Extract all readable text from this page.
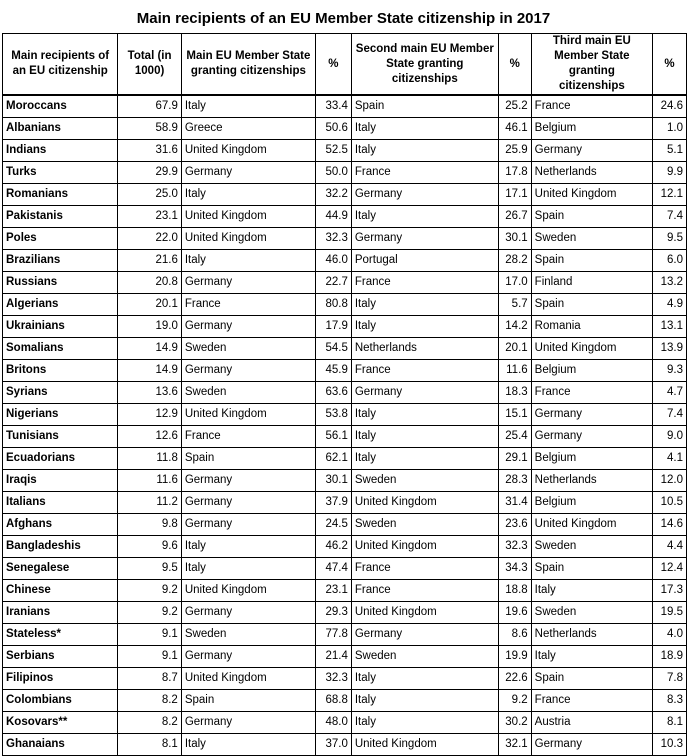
Main recipients of an EU Member State citizenship in 2017
Main recipients of an EU citizenship	Total (in 1000)	Main EU Member State granting citizenships	%	Second main EU Member State granting citizenships	%	Third main EU Member State granting citizenships	%
Moroccans	67.9	Italy	33.4	Spain	25.2	France	24.6
Albanians	58.9	Greece	50.6	Italy	46.1	Belgium	1.0
Indians	31.6	United Kingdom	52.5	Italy	25.9	Germany	5.1
Turks	29.9	Germany	50.0	France	17.8	Netherlands	9.9
Romanians	25.0	Italy	32.2	Germany	17.1	United Kingdom	12.1
Pakistanis	23.1	United Kingdom	44.9	Italy	26.7	Spain	7.4
Poles	22.0	United Kingdom	32.3	Germany	30.1	Sweden	9.5
Brazilians	21.6	Italy	46.0	Portugal	28.2	Spain	6.0
Russians	20.8	Germany	22.7	France	17.0	Finland	13.2
Algerians	20.1	France	80.8	Italy	5.7	Spain	4.9
Ukrainians	19.0	Germany	17.9	Italy	14.2	Romania	13.1
Somalians	14.9	Sweden	54.5	Netherlands	20.1	United Kingdom	13.9
Britons	14.9	Germany	45.9	France	11.6	Belgium	9.3
Syrians	13.6	Sweden	63.6	Germany	18.3	France	4.7
Nigerians	12.9	United Kingdom	53.8	Italy	15.1	Germany	7.4
Tunisians	12.6	France	56.1	Italy	25.4	Germany	9.0
Ecuadorians	11.8	Spain	62.1	Italy	29.1	Belgium	4.1
Iraqis	11.6	Germany	30.1	Sweden	28.3	Netherlands	12.0
Italians	11.2	Germany	37.9	United Kingdom	31.4	Belgium	10.5
Afghans	9.8	Germany	24.5	Sweden	23.6	United Kingdom	14.6
Bangladeshis	9.6	Italy	46.2	United Kingdom	32.3	Sweden	4.4
Senegalese	9.5	Italy	47.4	France	34.3	Spain	12.4
Chinese	9.2	United Kingdom	23.1	France	18.8	Italy	17.3
Iranians	9.2	Germany	29.3	United Kingdom	19.6	Sweden	19.5
Stateless*	9.1	Sweden	77.8	Germany	8.6	Netherlands	4.0
Serbians	9.1	Germany	21.4	Sweden	19.9	Italy	18.9
Filipinos	8.7	United Kingdom	32.3	Italy	22.6	Spain	7.8
Colombians	8.2	Spain	68.8	Italy	9.2	France	8.3
Kosovars**	8.2	Germany	48.0	Italy	30.2	Austria	8.1
Ghanaians	8.1	Italy	37.0	United Kingdom	32.1	Germany	10.3
